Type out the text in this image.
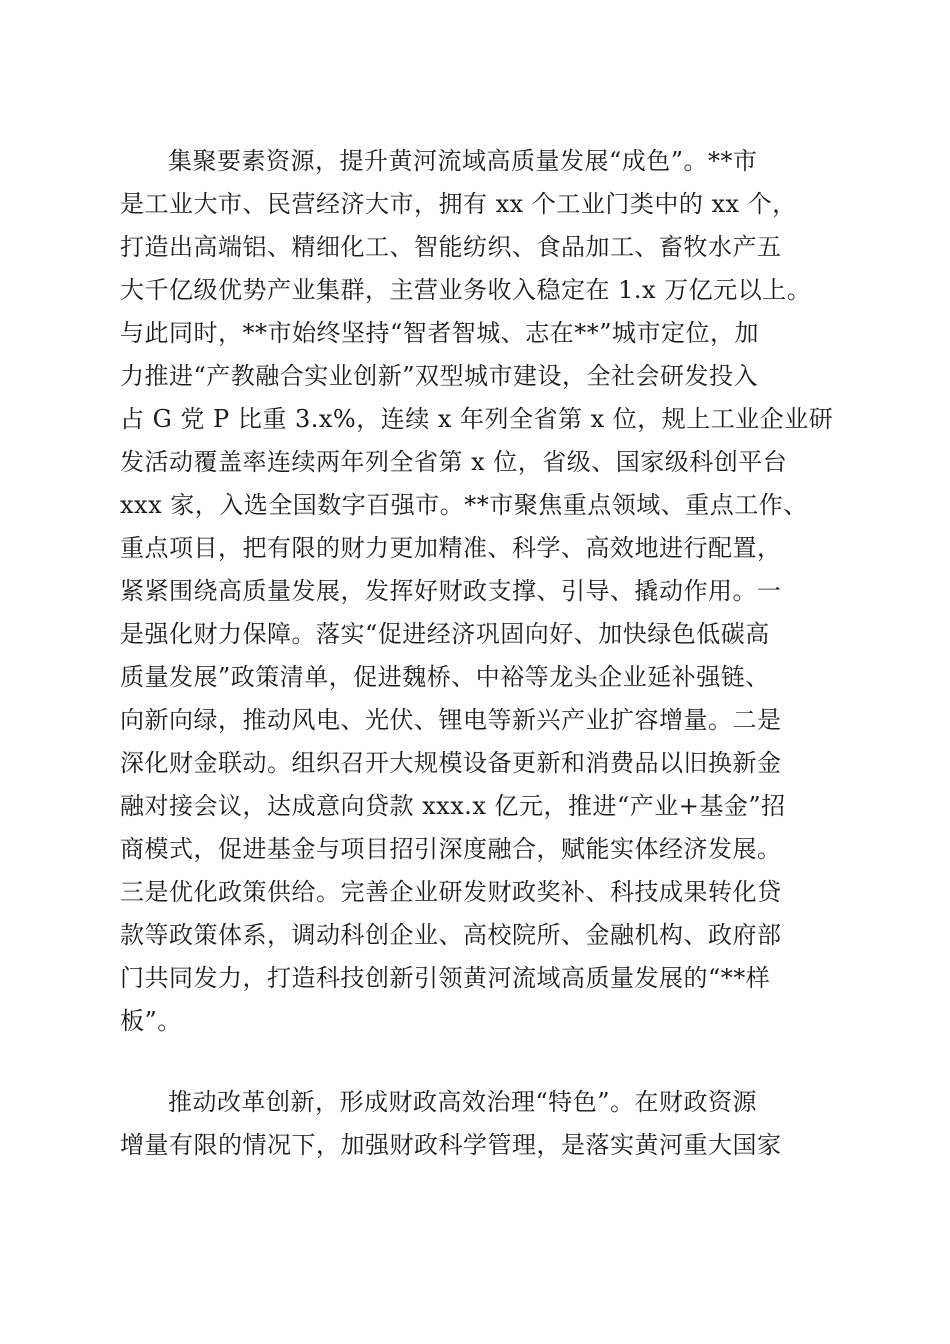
集聚要素资源，提升黄河流域高质量发展“成色”。**市
是工业大市、民营经济大市，拥有 xx 个工业门类中的 xx 个，
打造出高端铝、精细化工、智能纺织、食品加工、畜牧水产五
大千亿级优势产业集群，主营业务收入稳定在 1.x 万亿元以上。
与此同时，**市始终坚持“智者智城、志在**”城市定位，加
力推进“产教融合实业创新”双型城市建设，全社会研发投入
占 G 党 P 比重 3.x%，连续 x 年列全省第 x 位，规上工业企业研
发活动覆盖率连续两年列全省第 x 位，省级、国家级科创平台
xxx 家，入选全国数字百强市。**市聚焦重点领域、重点工作、
重点项目，把有限的财力更加精准、科学、高效地进行配置，
紧紧围绕高质量发展，发挥好财政支撑、引导、撬动作用。一
是强化财力保障。落实“促进经济巩固向好、加快绿色低碳高
质量发展”政策清单，促进魏桥、中裕等龙头企业延补强链、
向新向绿，推动风电、光伏、锂电等新兴产业扩容增量。二是
深化财金联动。组织召开大规模设备更新和消费品以旧换新金
融对接会议，达成意向贷款 xxx.x 亿元，推进“产业+基金”招
商模式，促进基金与项目招引深度融合，赋能实体经济发展。
三是优化政策供给。完善企业研发财政奖补、科技成果转化贷
款等政策体系，调动科创企业、高校院所、金融机构、政府部
门共同发力，打造科技创新引领黄河流域高质量发展的“**样
板”。
推动改革创新，形成财政高效治理“特色”。在财政资源
增量有限的情况下，加强财政科学管理，是落实黄河重大国家
